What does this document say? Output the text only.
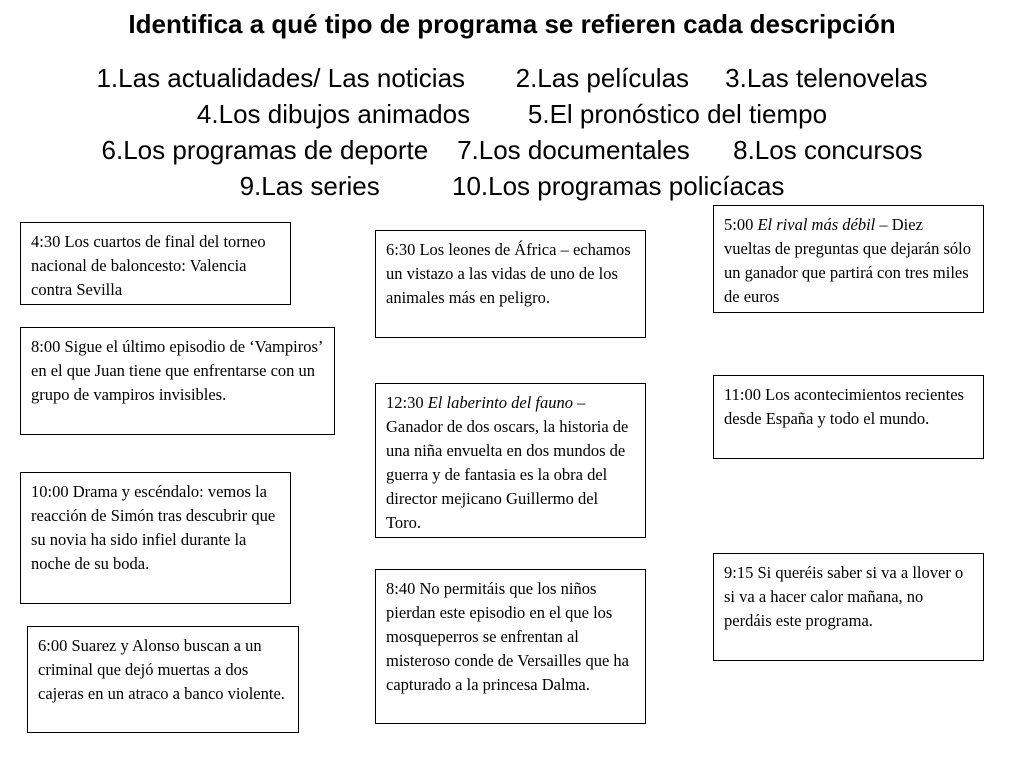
Identifica a qué tipo de programa se refieren cada descripción
1.Las actualidades/ Las noticias       2.Las películas     3.Las telenovelas
4.Los dibujos animados        5.El pronóstico del tiempo
6.Los programas de deporte    7.Los documentales      8.Los concursos
9.Las series          10.Los programas policíacas
4:30 Los cuartos de final del torneo nacional de baloncesto: Valencia contra Sevilla
8:00 Sigue el último episodio de ‘Vampiros’ en el que Juan tiene que enfrentarse con un grupo de vampiros invisibles.
10:00 Drama y escéndalo: vemos la reacción de Simón tras descubrir que su novia ha sido infiel durante la noche de su boda.
6:00 Suarez y Alonso buscan a un criminal que dejó muertas a dos cajeras en un atraco a banco violente.
6:30 Los leones de África – echamos un vistazo a las vidas de uno de los animales más en peligro.
12:30 El laberinto del fauno – Ganador de dos oscars, la historia de una niña envuelta en dos mundos de guerra y de fantasia es la obra del director mejicano Guillermo del Toro.
8:40 No permitáis que los niños pierdan este episodio en el que los mosqueperros se enfrentan al misteroso conde de Versailles que ha capturado a la princesa Dalma.
5:00 El rival más débil – Diez vueltas de preguntas que dejarán sólo un ganador que partirá con tres miles de euros
11:00 Los acontecimientos recientes desde España y todo el mundo.
9:15 Si queréis saber si va a llover o si va a hacer calor mañana, no perdáis este programa.
